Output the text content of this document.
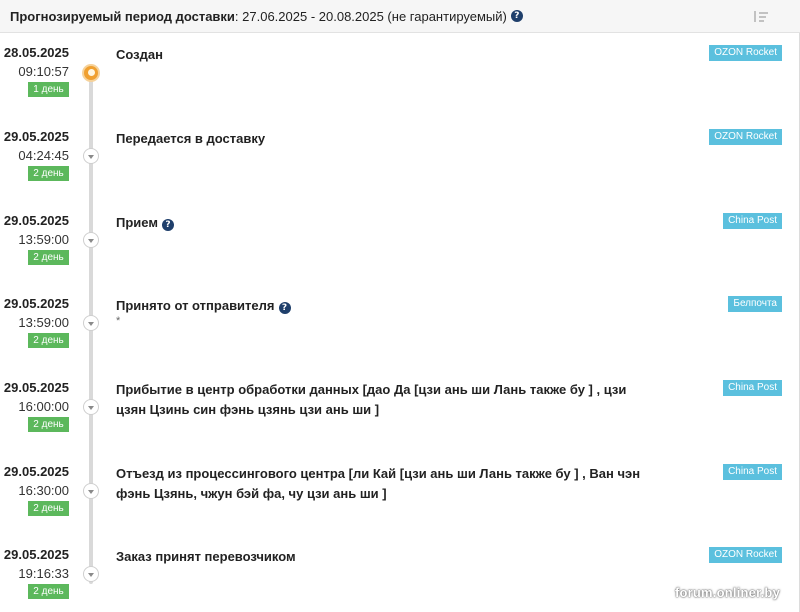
Прогнозируемый период доставки : 27.06.2025 - 20.08.2025 (не гарантируемый) ?
28.05.2025
09:10:57
1 день
Создан	OZON Rocket
29.05.2025
04:24:45
2 день
Передается в доставку	OZON Rocket
29.05.2025
13:59:00
2 день
Прием ?	China Post
29.05.2025
13:59:00
2 день
Принято от отправителя ?
*
Белпочта
29.05.2025
16:00:00
2 день
Прибытие в центр обработки данных [дао Да [цзи ань ши Лань также бу ] , цзи цзян Цзинь син фэнь цзянь цзи ань ши ]
China Post
29.05.2025
16:30:00
2 день
Отъезд из процессингового центра [ли Кай [цзи ань ши Лань также бу ] , Ван чэн фэнь Цзянь, чжун бэй фа, чу цзи ань ши ]
China Post
29.05.2025
19:16:33
2 день
Заказ принят перевозчиком	OZON Rocket
forum.onliner.by
